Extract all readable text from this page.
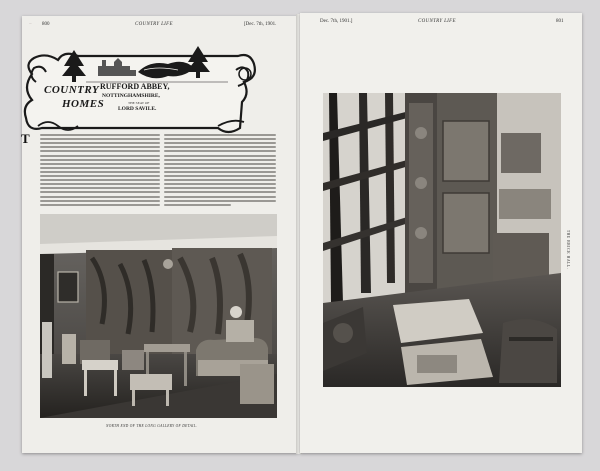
800	COUNTRY LIFE	[Dec. 7th, 1901.
Dec. 7th, 1901.]	COUNTRY LIFE	801
~
COUNTRY
HOMES
RUFFORD ABBEY,
NOTTINGHAMSHIRE,
THE SEAT OF
LORD SAVILE.
T
NORTH END OF THE LONG GALLERY OF DETAIL.
THE BRICK HALL.
